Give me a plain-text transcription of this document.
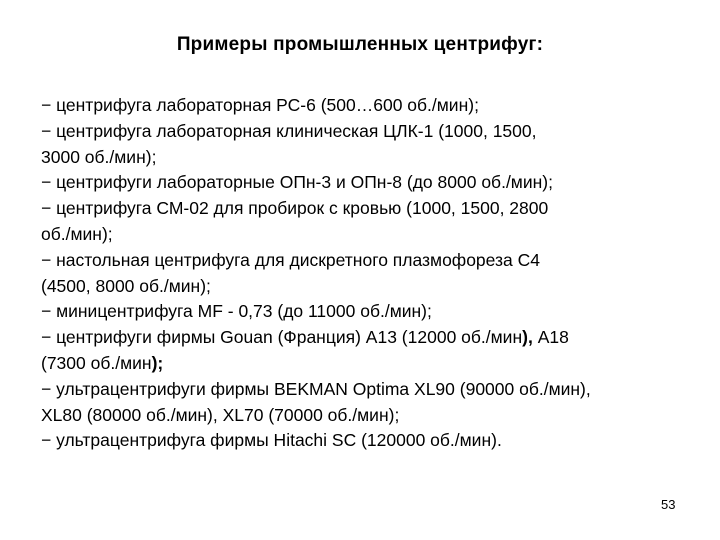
Примеры промышленных центрифуг:
− центрифуга лабораторная РС-6 (500…600 об./мин);
− центрифуга лабораторная клиническая ЦЛК-1 (1000, 1500,
3000 об./мин);
− центрифуги лабораторные ОПн-3 и ОПн-8 (до 8000 об./мин);
− центрифуга СМ-02 для пробирок с кровью (1000, 1500, 2800
об./мин);
− настольная центрифуга для дискретного плазмофореза С4
(4500, 8000 об./мин);
− миницентрифуга MF - 0,73 (до 11000 об./мин);
− центрифуги фирмы Gouan (Франция) А13 (12000 об./мин), А18
(7300 об./мин);
− ультрацентрифуги фирмы BEKMAN Optima XL90 (90000 об./мин),
XL80 (80000 об./мин), XL70 (70000 об./мин);
− ультрацентрифуга фирмы Hitachi SC (120000 об./мин).
53
